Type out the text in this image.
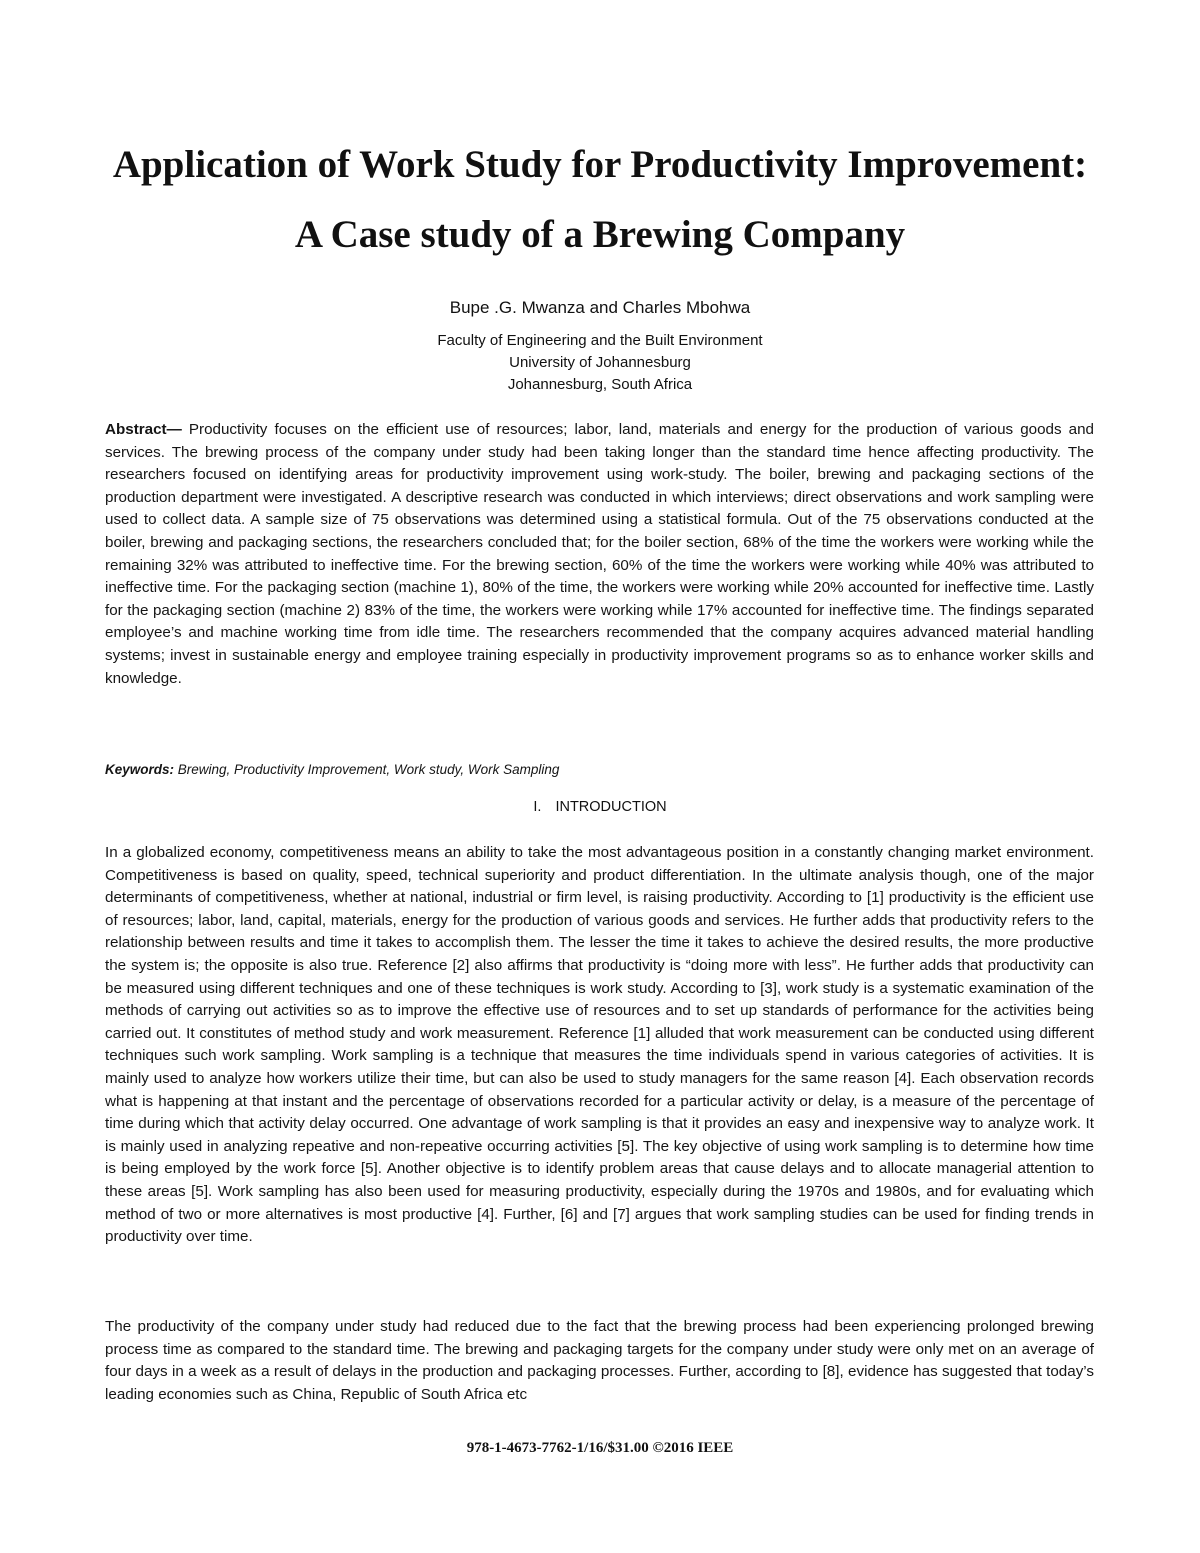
Application of Work Study for Productivity Improvement:
A Case study of a Brewing Company
Bupe .G. Mwanza and Charles Mbohwa
Faculty of Engineering and the Built Environment
University of Johannesburg
Johannesburg, South Africa

Abstract— Productivity focuses on the efficient use of resources; labor, land, materials and energy for the production of various goods and services. The brewing process of the company under study had been taking longer than the standard time hence affecting productivity. The researchers focused on identifying areas for productivity improvement using work-study. The boiler, brewing and packaging sections of the production department were investigated. A descriptive research was conducted in which interviews; direct observations and work sampling were used to collect data. A sample size of 75 observations was determined using a statistical formula. Out of the 75 observations conducted at the boiler, brewing and packaging sections, the researchers concluded that; for the boiler section, 68% of the time the workers were working while the remaining 32% was attributed to ineffective time. For the brewing section, 60% of the time the workers were working while 40% was attributed to ineffective time. For the packaging section (machine 1), 80% of the time, the workers were working while 20% accounted for ineffective time. Lastly for the packaging section (machine 2) 83% of the time, the workers were working while 17% accounted for ineffective time. The findings separated employee’s and machine working time from idle time. The researchers recommended that the company acquires advanced material handling systems; invest in sustainable energy and employee training especially in productivity improvement programs so as to enhance worker skills and knowledge.

Keywords: Brewing, Productivity Improvement, Work study, Work Sampling
I. INTRODUCTION

In a globalized economy, competitiveness means an ability to take the most advantageous position in a constantly changing market environment. Competitiveness is based on quality, speed, technical superiority and product differentiation. In the ultimate analysis though, one of the major determinants of competitiveness, whether at national, industrial or firm level, is raising productivity. According to [1] productivity is the efficient use of resources; labor, land, capital, materials, energy for the production of various goods and services. He further adds that productivity refers to the relationship between results and time it takes to accomplish them. The lesser the time it takes to achieve the desired results, the more productive the system is; the opposite is also true. Reference [2] also affirms that productivity is “doing more with less”. He further adds that productivity can be measured using different techniques and one of these techniques is work study. According to [3], work study is a systematic examination of the methods of carrying out activities so as to improve the effective use of resources and to set up standards of performance for the activities being carried out. It constitutes of method study and work measurement. Reference [1] alluded that work measurement can be conducted using different techniques such work sampling. Work sampling is a technique that measures the time individuals spend in various categories of activities. It is mainly used to analyze how workers utilize their time, but can also be used to study managers for the same reason [4]. Each observation records what is happening at that instant and the percentage of observations recorded for a particular activity or delay, is a measure of the percentage of time during which that activity delay occurred. One advantage of work sampling is that it provides an easy and inexpensive way to analyze work. It is mainly used in analyzing repeative and non-repeative occurring activities [5]. The key objective of using work sampling is to determine how time is being employed by the work force [5]. Another objective is to identify problem areas that cause delays and to allocate managerial attention to these areas [5]. Work sampling has also been used for measuring productivity, especially during the 1970s and 1980s, and for evaluating which method of two or more alternatives is most productive [4]. Further, [6] and [7] argues that work sampling studies can be used for finding trends in productivity over time.

The productivity of the company under study had reduced due to the fact that the brewing process had been experiencing prolonged brewing process time as compared to the standard time. The brewing and packaging targets for the company under study were only met on an average of four days in a week as a result of delays in the production and packaging processes. Further, according to [8], evidence has suggested that today’s leading economies such as China, Republic of South Africa etc

978-1-4673-7762-1/16/$31.00 ©2016 IEEE
